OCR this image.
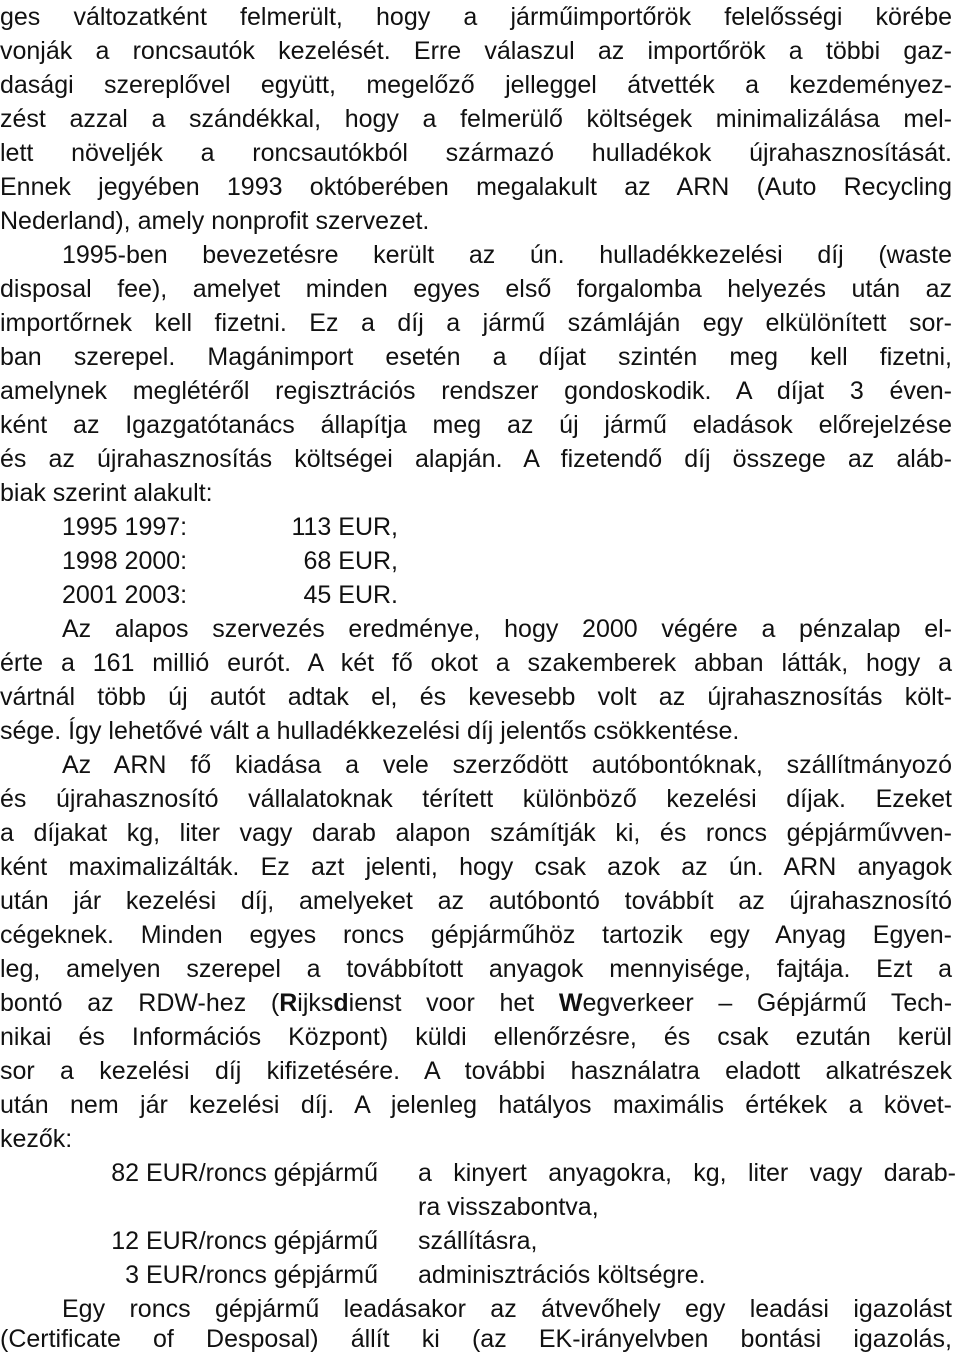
ges változatként felmerült, hogy a járműimportőrök felelősségi körébe
vonják a roncsautók kezelését. Erre válaszul az importőrök a többi gaz-
dasági szereplővel együtt, megelőző jelleggel átvették a kezdeményez-
zést azzal a szándékkal, hogy a felmerülő költségek minimalizálása mel-
lett növeljék a roncsautókból származó hulladékok újrahasznosítását.
Ennek jegyében 1993 októberében megalakult az ARN (Auto Recycling
Nederland), amely nonprofit szervezet.
1995-ben bevezetésre került az ún. hulladékkezelési díj (waste
disposal fee), amelyet minden egyes első forgalomba helyezés után az
importőrnek kell fizetni. Ez a díj a jármű számláján egy elkülönített sor-
ban szerepel. Magánimport esetén a díjat szintén meg kell fizetni,
amelynek meglétéről regisztrációs rendszer gondoskodik. A díjat 3 éven-
ként az Igazgatótanács állapítja meg az új jármű eladások előrejelzése
és az újrahasznosítás költségei alapján. A fizetendő díj összege az aláb-
biak szerint alakult:
1995 1997:	113 EUR,
1998 2000:	68 EUR,
2001 2003:	45 EUR.
Az alapos szervezés eredménye, hogy 2000 végére a pénzalap el-
érte a 161 millió eurót. A két fő okot a szakemberek abban látták, hogy a
vártnál több új autót adtak el, és kevesebb volt az újrahasznosítás költ-
sége. Így lehetővé vált a hulladékkezelési díj jelentős csökkentése.
Az ARN fő kiadása a vele szerződött autóbontóknak, szállítmányozó
és újrahasznosító vállalatoknak térített különböző kezelési díjak. Ezeket
a díjakat kg, liter vagy darab alapon számítják ki, és roncs gépjárművven-
ként maximalizálták. Ez azt jelenti, hogy csak azok az ún. ARN anyagok
után jár kezelési díj, amelyeket az autóbontó továbbít az újrahasznosító
cégeknek. Minden egyes roncs gépjárműhöz tartozik egy Anyag Egyen-
leg, amelyen szerepel a továbbított anyagok mennyisége, fajtája. Ezt a
bontó az RDW-hez (Rijksdienst voor het Wegverkeer – Gépjármű Tech-
nikai és Információs Központ) küldi ellenőrzésre, és csak ezután kerül
sor a kezelési díj kifizetésére. A további használatra eladott alkatrészek
után nem jár kezelési díj. A jelenleg hatályos maximális értékek a követ-
kezők:
82 EUR/roncs gépjármű a kinyert anyagokra, kg, liter vagy darab-
ra visszabontva,
12 EUR/roncs gépjármű szállításra,
3 EUR/roncs gépjármű adminisztrációs költségre.
Egy roncs gépjármű leadásakor az átvevőhely egy leadási igazolást
(Certificate of Desposal) állít ki (az EK-irányelvben bontási igazolás,
